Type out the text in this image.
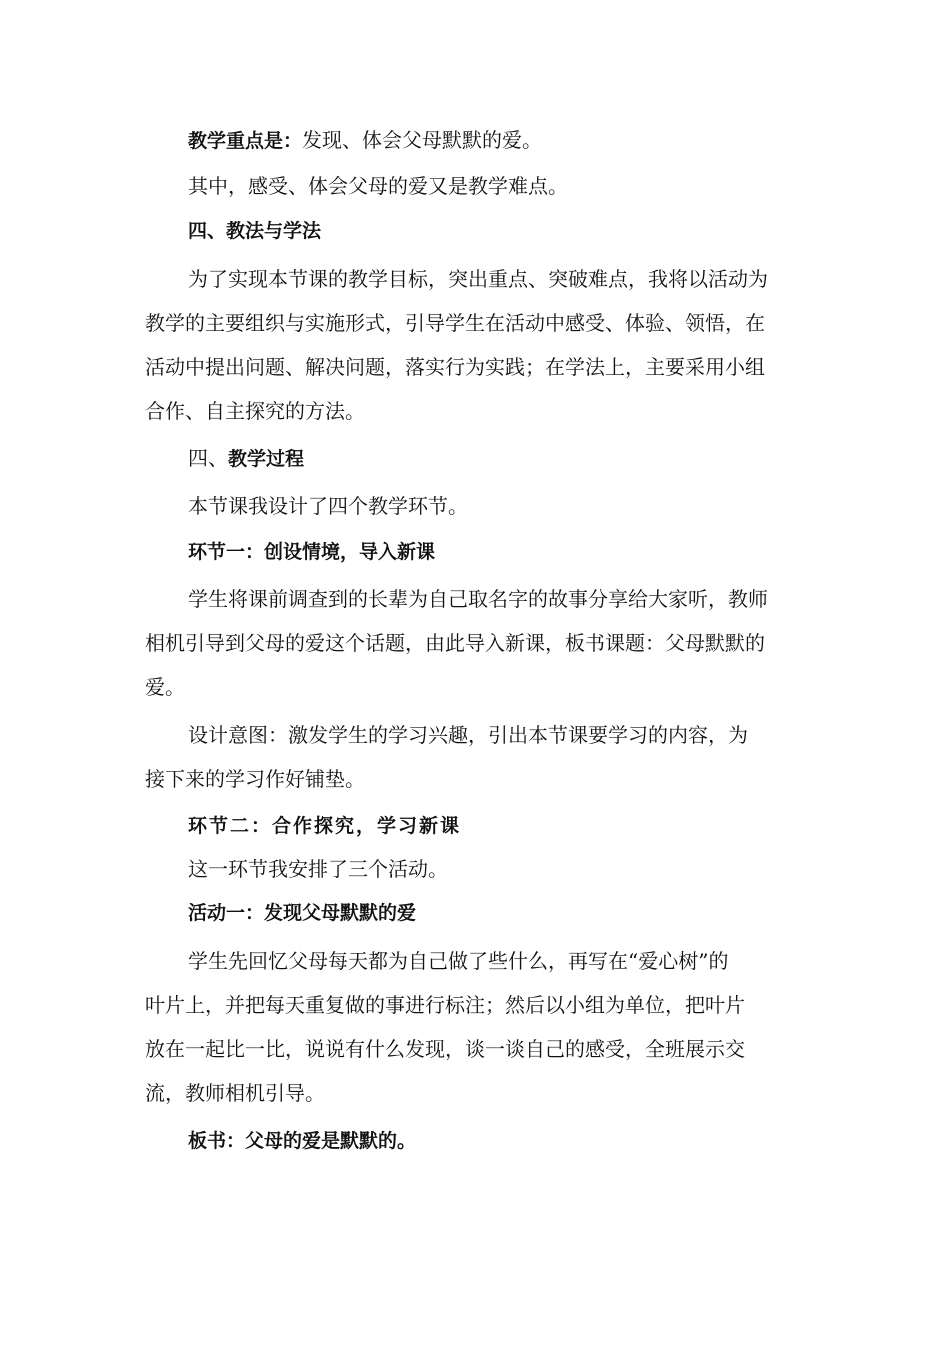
教学重点是：发现、体会父母默默的爱。
其中，感受、体会父母的爱又是教学难点。
四、教法与学法
为了实现本节课的教学目标，突出重点、突破难点，我将以活动为
教学的主要组织与实施形式，引导学生在活动中感受、体验、领悟，在
活动中提出问题、解决问题，落实行为实践；在学法上，主要采用小组
合作、自主探究的方法。
四、教学过程
本节课我设计了四个教学环节。
环节一：创设情境，导入新课
学生将课前调查到的长辈为自己取名字的故事分享给大家听，教师
相机引导到父母的爱这个话题，由此导入新课，板书课题：父母默默的
爱。
设计意图：激发学生的学习兴趣，引出本节课要学习的内容，为
接下来的学习作好铺垫。
环节二：合作探究，学习新课
这一环节我安排了三个活动。
活动一：发现父母默默的爱
学生先回忆父母每天都为自己做了些什么，再写在“爱心树”的
叶片上，并把每天重复做的事进行标注；然后以小组为单位，把叶片
放在一起比一比，说说有什么发现，谈一谈自己的感受，全班展示交
流，教师相机引导。
板书：父母的爱是默默的。
